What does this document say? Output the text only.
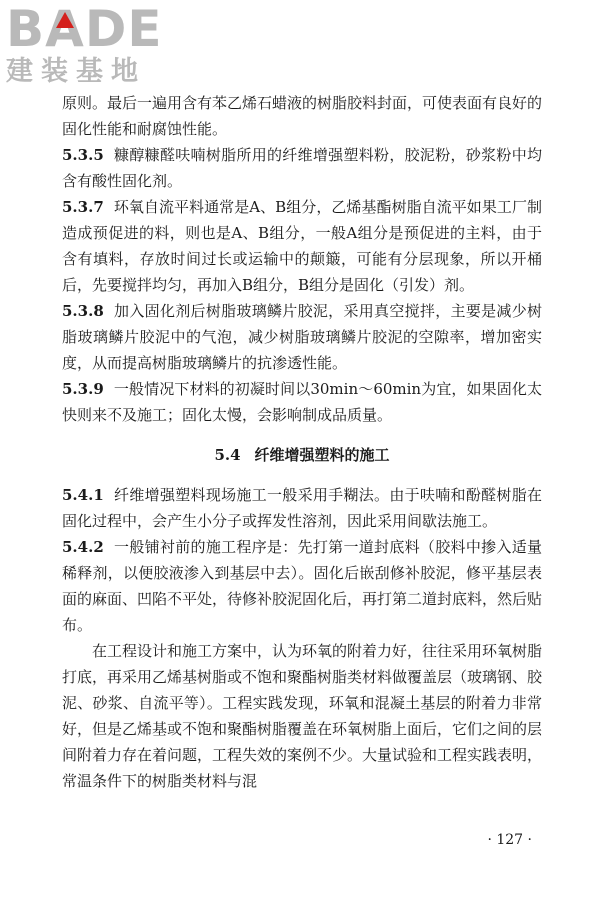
BA
DE
建装基地

原则。最后一遍用含有苯乙烯石蜡液的树脂胶料封面，可使表面有良好的固化性能和耐腐蚀性能。

5.3.5 糠醇糠醛呋喃树脂所用的纤维增强塑料粉，胶泥粉，砂浆粉中均含有酸性固化剂。

5.3.7 环氧自流平料通常是A、B组分，乙烯基酯树脂自流平如果工厂制造成预促进的料，则也是A、B组分，一般A组分是预促进的主料，由于含有填料，存放时间过长或运输中的颠簸，可能有分层现象，所以开桶后，先要搅拌均匀，再加入B组分，B组分是固化（引发）剂。

5.3.8 加入固化剂后树脂玻璃鳞片胶泥，采用真空搅拌，主要是减少树脂玻璃鳞片胶泥中的气泡，减少树脂玻璃鳞片胶泥的空隙率，增加密实度，从而提高树脂玻璃鳞片的抗渗透性能。

5.3.9 一般情况下材料的初凝时间以30min～60min为宜，如果固化太快则来不及施工；固化太慢，会影响制成品质量。

5.4 纤维增强塑料的施工

5.4.1 纤维增强塑料现场施工一般采用手糊法。由于呋喃和酚醛树脂在固化过程中，会产生小分子或挥发性溶剂，因此采用间歇法施工。

5.4.2 一般铺衬前的施工程序是：先打第一道封底料（胶料中掺入适量稀释剂，以便胶液渗入到基层中去）。固化后嵌刮修补胶泥，修平基层表面的麻面、凹陷不平处，待修补胶泥固化后，再打第二道封底料，然后贴布。

在工程设计和施工方案中，认为环氧的附着力好，往往采用环氧树脂打底，再采用乙烯基树脂或不饱和聚酯树脂类材料做覆盖层（玻璃钢、胶泥、砂浆、自流平等）。工程实践发现，环氧和混凝土基层的附着力非常好，但是乙烯基或不饱和聚酯树脂覆盖在环氧树脂上面后，它们之间的层间附着力存在着问题，工程失效的案例不少。大量试验和工程实践表明，常温条件下的树脂类材料与混

· 127 ·
